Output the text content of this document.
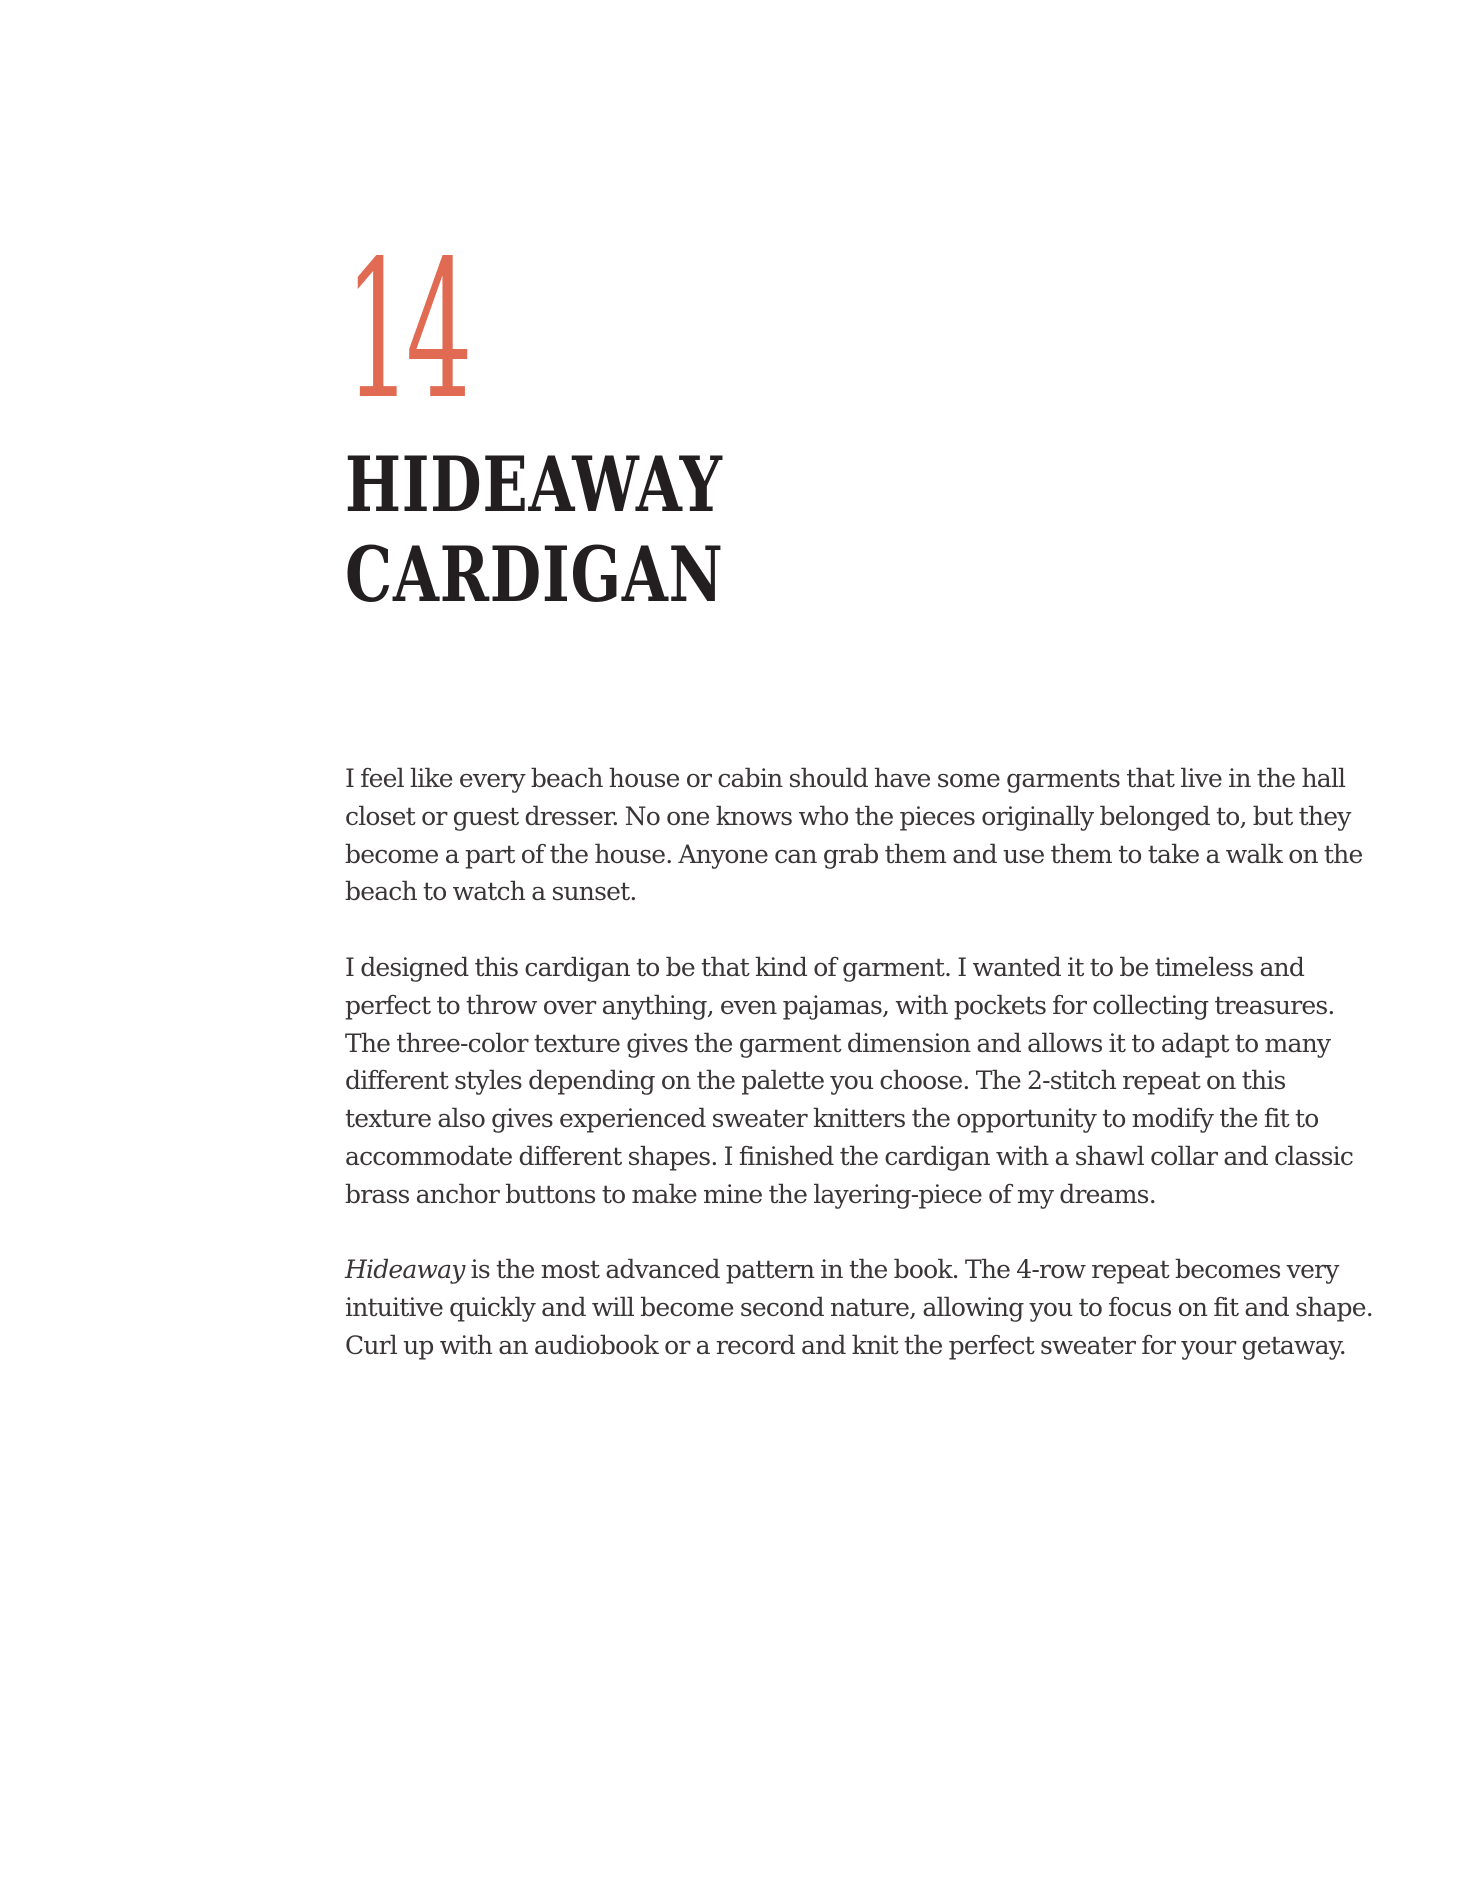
14
HIDEAWAY
CARDIGAN

I feel like every beach house or cabin should have some garments that live in the hall closet or guest dresser. No one knows who the pieces originally belonged to, but they become a part of the house. Anyone can grab them and use them to take a walk on the beach to watch a sunset.

I designed this cardigan to be that kind of garment. I wanted it to be timeless and perfect to throw over anything, even pajamas, with pockets for collecting treasures. The three-color texture gives the garment dimension and allows it to adapt to many different styles depending on the palette you choose. The 2-stitch repeat on this texture also gives experienced sweater knitters the opportunity to modify the fit to accommodate different shapes. I finished the cardigan with a shawl collar and classic brass anchor buttons to make mine the layering-piece of my dreams.

Hideaway is the most advanced pattern in the book. The 4-row repeat becomes very intuitive quickly and will become second nature, allowing you to focus on fit and shape. Curl up with an audiobook or a record and knit the perfect sweater for your getaway.
